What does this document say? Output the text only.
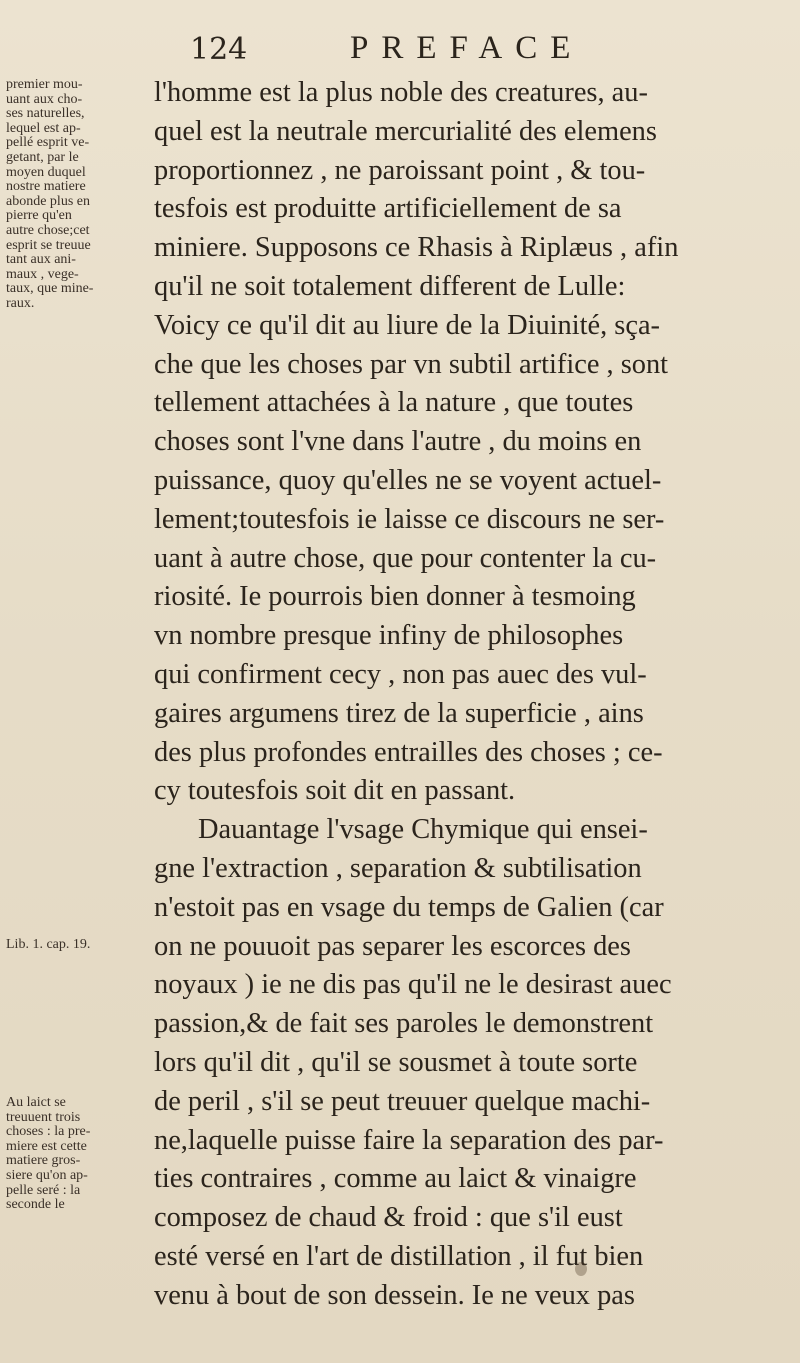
124	PREFACE
premier mou-
uant aux cho-
ses naturelles,
lequel est ap-
pellé esprit ve-
getant, par le
moyen duquel
nostre matiere
abonde plus en
pierre qu'en
autre chose;cet
esprit se treuue
tant aux ani-
maux , vege-
taux, que mine-
raux.
Lib. 1. cap. 19.
Au laict se
treuuent trois
choses : la pre-
miere est cette
matiere gros-
siere qu'on ap-
pelle seré : la
seconde le
l'homme est la plus noble des creatures, au-
quel est la neutrale mercurialité des elemens
proportionnez , ne paroissant point , & tou-
tesfois est produitte artificiellement de sa
miniere. Supposons ce Rhasis à Riplæus , afin
qu'il ne soit totalement different de Lulle:
Voicy ce qu'il dit au liure de la Diuinité, sça-
che que les choses par vn subtil artifice , sont
tellement attachées à la nature , que toutes
choses sont l'vne dans l'autre , du moins en
puissance, quoy qu'elles ne se voyent actuel-
lement;toutesfois ie laisse ce discours ne ser-
uant à autre chose, que pour contenter la cu-
riosité. Ie pourrois bien donner à tesmoing
vn nombre presque infiny de philosophes
qui confirment cecy , non pas auec des vul-
gaires argumens tirez de la superficie , ains
des plus profondes entrailles des choses ; ce-
cy toutesfois soit dit en passant.
Dauantage l'vsage Chymique qui ensei-
gne l'extraction , separation & subtilisation
n'estoit pas en vsage du temps de Galien (car
on ne pouuoit pas separer les escorces des
noyaux ) ie ne dis pas qu'il ne le desirast auec
passion,& de fait ses paroles le demonstrent
lors qu'il dit , qu'il se sousmet à toute sorte
de peril , s'il se peut treuuer quelque machi-
ne,laquelle puisse faire la separation des par-
ties contraires , comme au laict & vinaigre
composez de chaud & froid : que s'il eust
esté versé en l'art de distillation , il fut bien
venu à bout de son dessein. Ie ne veux pas
